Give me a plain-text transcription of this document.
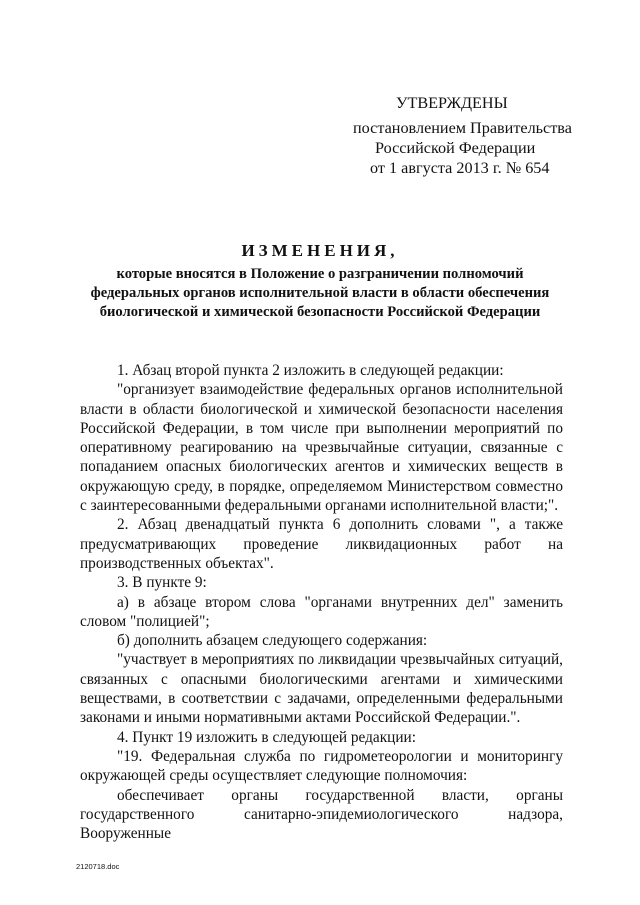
УТВЕРЖДЕНЫ
постановлением Правительства
Российской Федерации
от 1 августа 2013 г. № 654
ИЗМЕНЕНИЯ,
которые вносятся в Положение о разграничении полномочий
федеральных органов исполнительной власти в области обеспечения
биологической и химической безопасности Российской Федерации

1. Абзац второй пункта 2 изложить в следующей редакции:

"организует взаимодействие федеральных органов исполнительной власти в области биологической и химической безопасности населения Российской Федерации, в том числе при выполнении мероприятий по оперативному реагированию на чрезвычайные ситуации, связанные с попаданием опасных биологических агентов и химических веществ в окружающую среду, в порядке, определяемом Министерством совместно с заинтересованными федеральными органами исполнительной власти;".

2. Абзац двенадцатый пункта 6 дополнить словами ", а также предусматривающих проведение ликвидационных работ на производственных объектах".

3. В пункте 9:

а) в абзаце втором слова "органами внутренних дел" заменить словом "полицией";

б) дополнить абзацем следующего содержания:

"участвует в мероприятиях по ликвидации чрезвычайных ситуаций, связанных с опасными биологическими агентами и химическими веществами, в соответствии с задачами, определенными федеральными законами и иными нормативными актами Российской Федерации.".

4. Пункт 19 изложить в следующей редакции:

"19. Федеральная служба по гидрометеорологии и мониторингу окружающей среды осуществляет следующие полномочия:

обеспечивает органы государственной власти, органы государственного санитарно-эпидемиологического надзора, Вооруженные

2120718.doc
